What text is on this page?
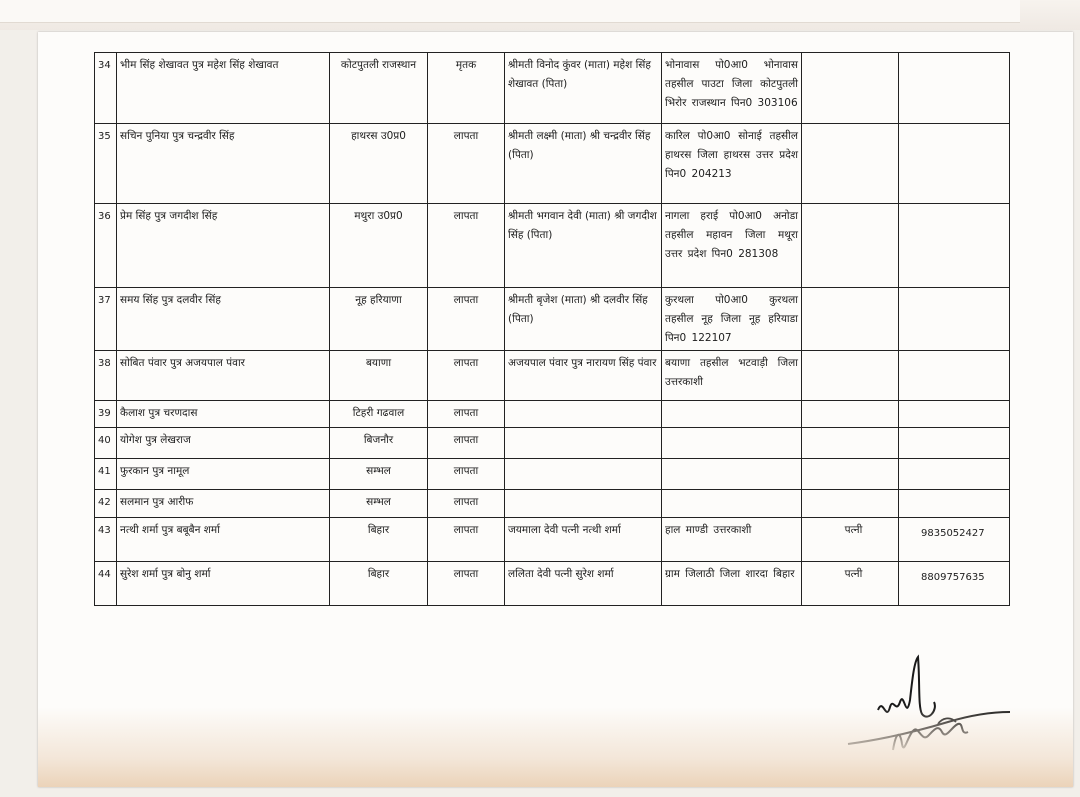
34	भीम सिंह शेखावत पुत्र महेश सिंह शेखावत	कोटपुतली राजस्थान	मृतक	श्रीमती विनोद कुंवर (माता) महेश सिंह शेखावत (पिता)	भोनावास पो0आ0 भोनावास तहसील पाउटा जिला कोटपुतली भिरोर राजस्थान पिन0 303106		
35	सचिन पुनिया पुत्र चन्द्रवीर सिंह	हाथरस उ0प्र0	लापता	श्रीमती लक्ष्मी (माता) श्री चन्द्रवीर सिंह (पिता)	कारिल पो0आ0 सोनाई तहसील हाथरस जिला हाथरस उत्तर प्रदेश पिन0 204213		
36	प्रेम सिंह पुत्र जगदीश सिंह	मथुरा उ0प्र0	लापता	श्रीमती भगवान देवी (माता) श्री जगदीश सिंह (पिता)	नागला हराई पो0आ0 अनोडा तहसील महावन जिला मथूरा उत्तर प्रदेश पिन0 281308		
37	समय सिंह पुत्र दलवीर सिंह	नूह हरियाणा	लापता	श्रीमती बृजेश (माता) श्री दलवीर सिंह (पिता)	कुरथला पो0आ0 कुरथला तहसील नूह जिला नूह हरियाडा पिन0 122107		
38	सोबित पंवार पुत्र अजयपाल पंवार	बयाणा	लापता	अजयपाल पंवार पुत्र नारायण सिंह पंवार	बयाणा तहसील भटवाड़ी जिला उत्तरकाशी		
39	कैलाश पुत्र चरणदास	टिहरी गढवाल	लापता				
40	योगेश पुत्र लेखराज	बिजनौर	लापता				
41	फुरकान पुत्र नामूल	सम्भल	लापता				
42	सलमान पुत्र आरीफ	सम्भल	लापता				
43	नत्थी शर्मा पुत्र बबूबैन शर्मा	बिहार	लापता	जयमाला देवी पत्नी नत्थी शर्मा	हाल माण्डी उत्तरकाशी	पत्नी	9835052427
44	सुरेश शर्मा पुत्र बोनु शर्मा	बिहार	लापता	ललिता देवी पत्नी सुरेश शर्मा	ग्राम जिलाठी जिला शारदा बिहार	पत्नी	8809757635
